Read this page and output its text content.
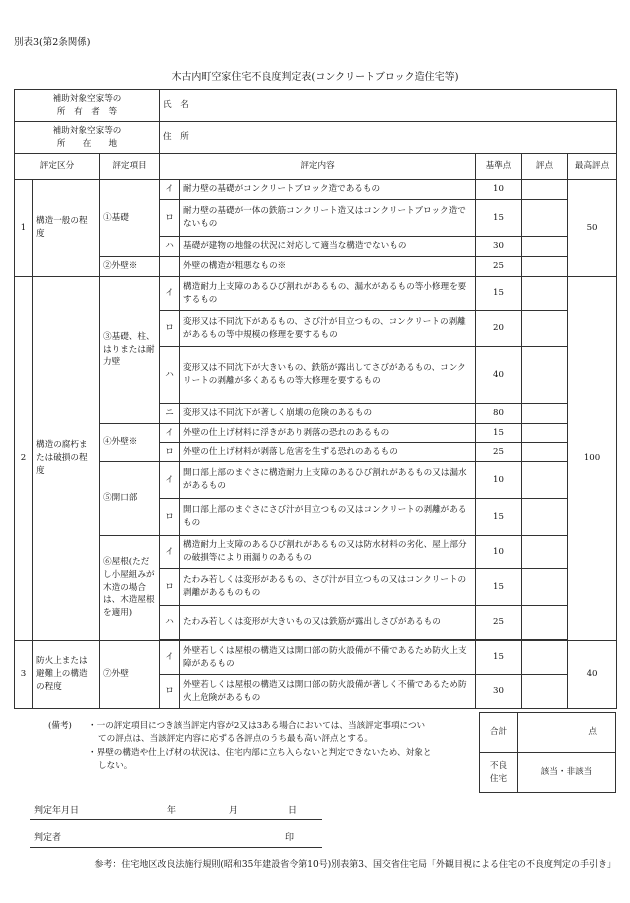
別表3(第2条関係)
木古内町空家住宅不良度判定表(コンクリートブロック造住宅等)
補助対象空家等の
所　有　者　等			氏　名				

補助対象空家等の
所　　在　　地			住　所				
評定区分		評定項目	評定内容		基準点	評点	最高評点
1	構造一般の程度	①基礎	イ	耐力壁の基礎がコンクリートブロック造であるもの	10		50
			ロ	耐力壁の基礎が一体の鉄筋コンクリート造又はコンクリートブロック造でないもの	15		
			ハ	基礎が建物の地盤の状況に対応して適当な構造でないもの	30		
		②外壁※		外壁の構造が粗悪なもの※	25		
2	構造の腐朽または破損の程度	③基礎、柱、はりまたは耐力壁	イ	構造耐力上支障のあるひび割れがあるもの、漏水があるもの等小修理を要するもの	15		100
			ロ	変形又は不同沈下があるもの、さび汁が目立つもの、コンクリートの剥離があるもの等中規模の修理を要するもの	20		
			ハ	変形又は不同沈下が大きいもの、鉄筋が露出してさびがあるもの、コンクリートの剥離が多くあるもの等大修理を要するもの	40		
			ニ	変形又は不同沈下が著しく崩壊の危険のあるもの	80		
		④外壁※	イ	外壁の仕上げ材料に浮きがあり剥落の恐れのあるもの	15		
			ロ	外壁の仕上げ材料が剥落し危害を生ずる恐れのあるもの	25		
		⑤開口部	イ	開口部上部のまぐさに構造耐力上支障のあるひび割れがあるもの又は漏水があるもの	10		
			ロ	開口部上部のまぐさにさび汁が目立つもの又はコンクリートの剥離があるもの	15		
		⑥屋根(ただし小屋組みが木造の場合は、木造屋根を適用)	イ	構造耐力上支障のあるひび割れがあるもの又は防水材料の劣化、屋上部分の破損等により雨漏りのあるもの	10		
			ロ	たわみ若しくは変形があるもの、さび汁が目立つもの又はコンクリートの剥離があるものもの	15		
			ハ	たわみ若しくは変形が大きいもの又は鉄筋が露出しさびがあるもの	25		

3	防火上または避難上の構造の程度	⑦外壁	イ	外壁若しくは屋根の構造又は開口部の防火設備が不備であるため防火上支障があるもの	15		40
			ロ	外壁若しくは屋根の構造又は開口部の防火設備が著しく不備であるため防火上危険があるもの	30		
(備考) ・一の評定項目につき該当評定内容が2又は3ある場合においては、当該評定事項についての評点は、当該評定内容に応ずる各評点のうち最も高い評点とする。
・界壁の構造や仕上げ材の状況は、住宅内部に立ち入らないと判定できないため、対象としない。
合計	点

不良住宅	該当・非該当
判定年月日	年	月	日
判定者	印
参考：住宅地区改良法施行規則(昭和35年建設省令第10号)別表第3、国交省住宅局「外観目視による住宅の不良度判定の手引き」
